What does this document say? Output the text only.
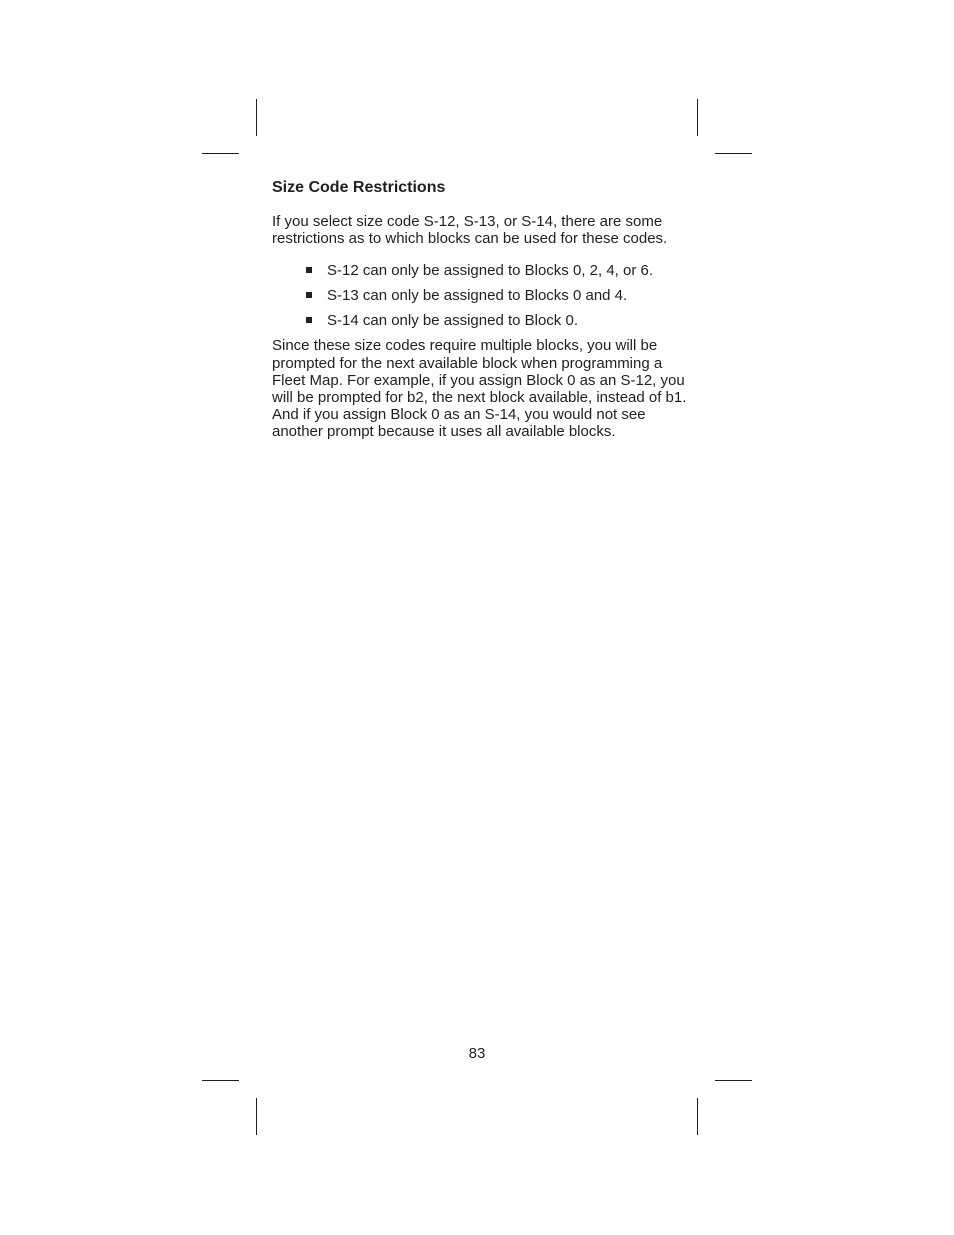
Size Code Restrictions

If you select size code S-12, S-13, or S-14, there are some restrictions as to which blocks can be used for these codes.

S-12 can only be assigned to Blocks 0, 2, 4, or 6.
S-13 can only be assigned to Blocks 0 and 4.
S-14 can only be assigned to Block 0.

Since these size codes require multiple blocks, you will be prompted for the next available block when programming a Fleet Map. For example, if you assign Block 0 as an S-12, you will be prompted for b2, the next block available, instead of b1. And if you assign Block 0 as an S-14, you would not see another prompt because it uses all available blocks.

83
